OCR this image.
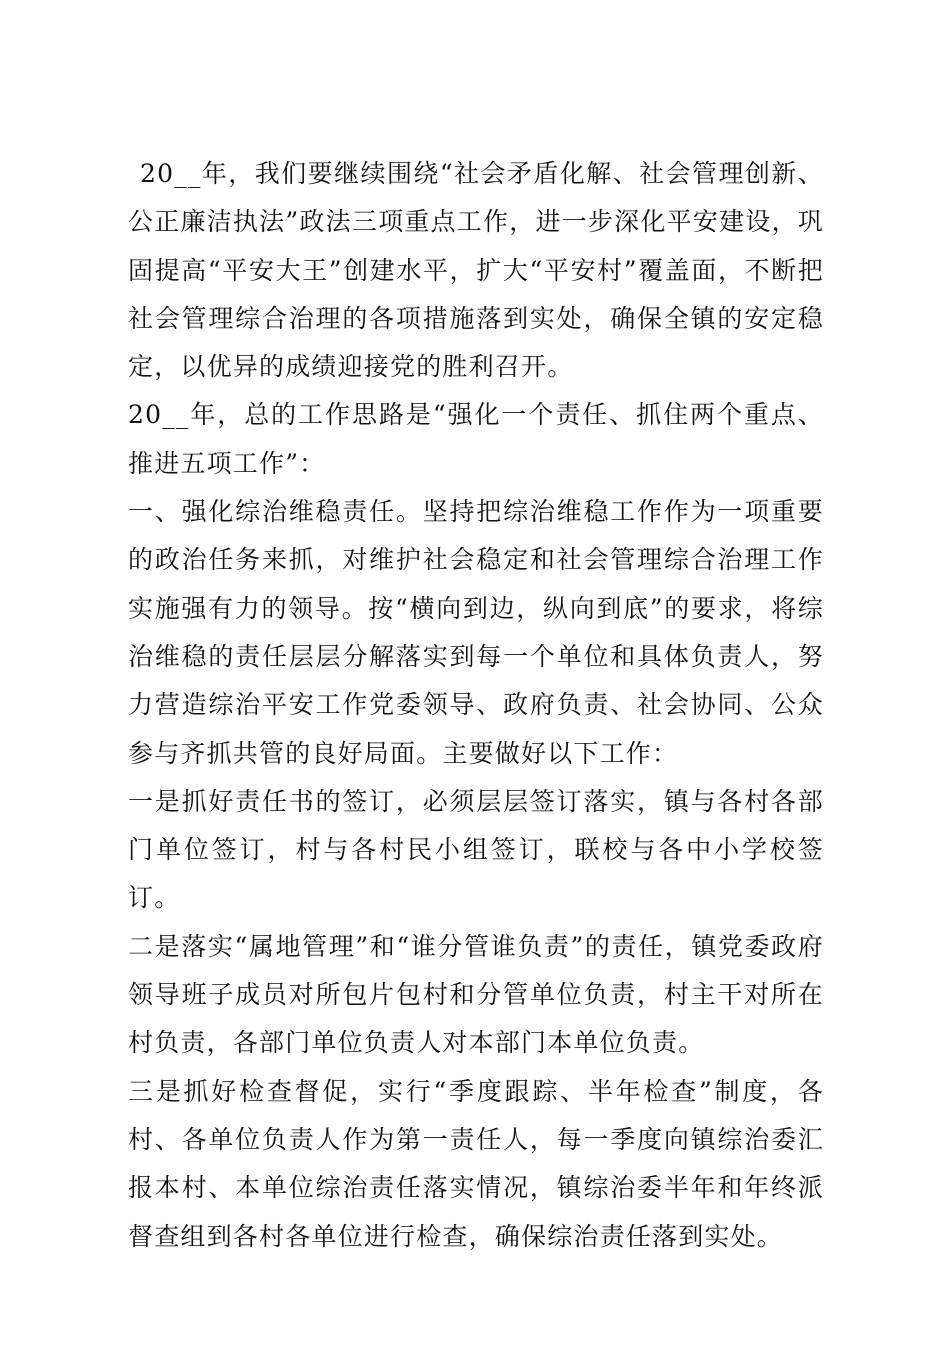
20__年，我们要继续围绕“社会矛盾化解、社会管理创新、公正廉洁执法”政法三项重点工作，进一步深化平安建设，巩固提高“平安大王”创建水平，扩大“平安村”覆盖面，不断把社会管理综合治理的各项措施落到实处，确保全镇的安定稳定，以优异的成绩迎接党的胜利召开。

20__年，总的工作思路是“强化一个责任、抓住两个重点、推进五项工作”：

一、强化综治维稳责任。坚持把综治维稳工作作为一项重要的政治任务来抓，对维护社会稳定和社会管理综合治理工作实施强有力的领导。按“横向到边，纵向到底”的要求，将综治维稳的责任层层分解落实到每一个单位和具体负责人，努力营造综治平安工作党委领导、政府负责、社会协同、公众参与齐抓共管的良好局面。主要做好以下工作：

一是抓好责任书的签订，必须层层签订落实，镇与各村各部门单位签订，村与各村民小组签订，联校与各中小学校签订。

二是落实“属地管理”和“谁分管谁负责”的责任，镇党委政府领导班子成员对所包片包村和分管单位负责，村主干对所在村负责，各部门单位负责人对本部门本单位负责。

三是抓好检查督促，实行“季度跟踪、半年检查”制度，各村、各单位负责人作为第一责任人，每一季度向镇综治委汇报本村、本单位综治责任落实情况，镇综治委半年和年终派督查组到各村各单位进行检查，确保综治责任落到实处。
